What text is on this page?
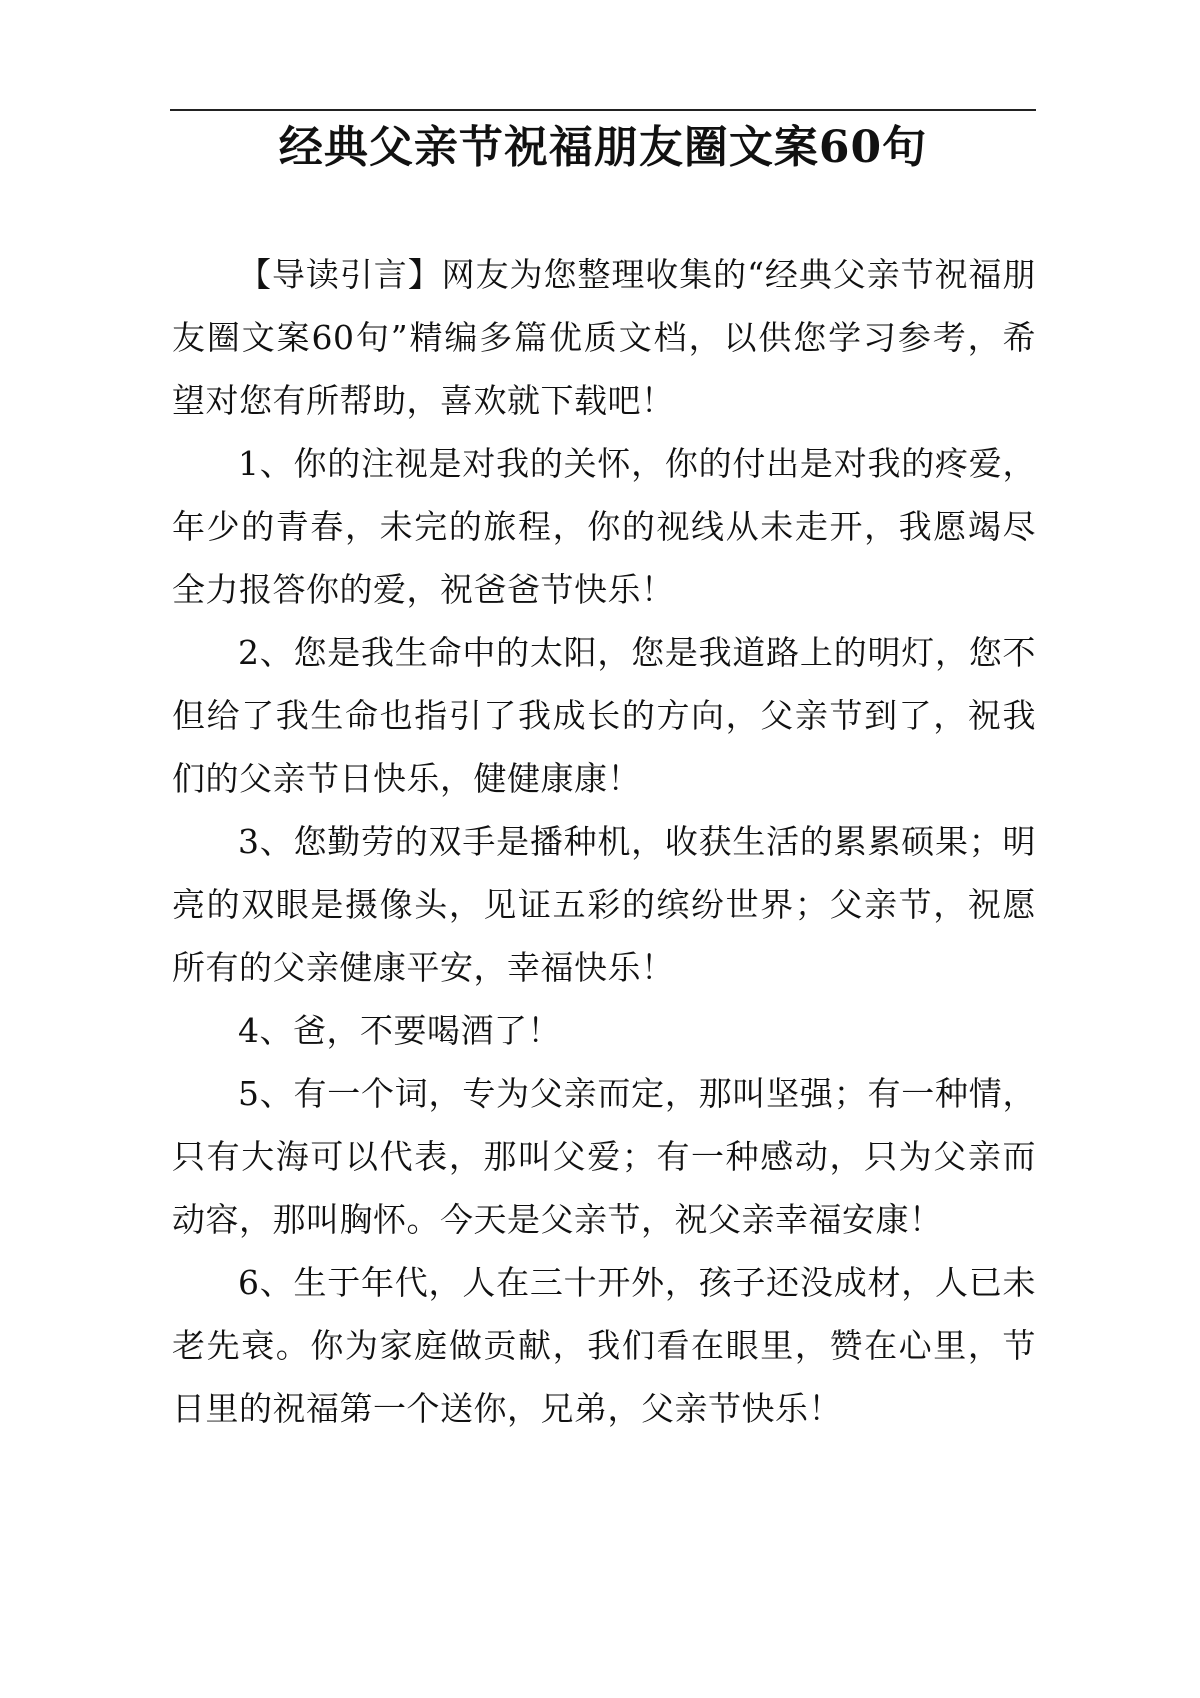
经典父亲节祝福朋友圈文案60句

【导读引言】网友为您整理收集的“经典父亲节祝福朋友圈文案60句”精编多篇优质文档，以供您学习参考，希望对您有所帮助，喜欢就下载吧！

1、你的注视是对我的关怀，你的付出是对我的疼爱，年少的青春，未完的旅程，你的视线从未走开，我愿竭尽全力报答你的爱，祝爸爸节快乐！

2、您是我生命中的太阳，您是我道路上的明灯，您不但给了我生命也指引了我成长的方向，父亲节到了，祝我们的父亲节日快乐，健健康康！

3、您勤劳的双手是播种机，收获生活的累累硕果；明亮的双眼是摄像头，见证五彩的缤纷世界；父亲节，祝愿所有的父亲健康平安，幸福快乐！

4、爸，不要喝酒了！

5、有一个词，专为父亲而定，那叫坚强；有一种情，只有大海可以代表，那叫父爱；有一种感动，只为父亲而动容，那叫胸怀。今天是父亲节，祝父亲幸福安康！

6、生于年代，人在三十开外，孩子还没成材，人已未老先衰。你为家庭做贡献，我们看在眼里，赞在心里，节日里的祝福第一个送你，兄弟，父亲节快乐！
